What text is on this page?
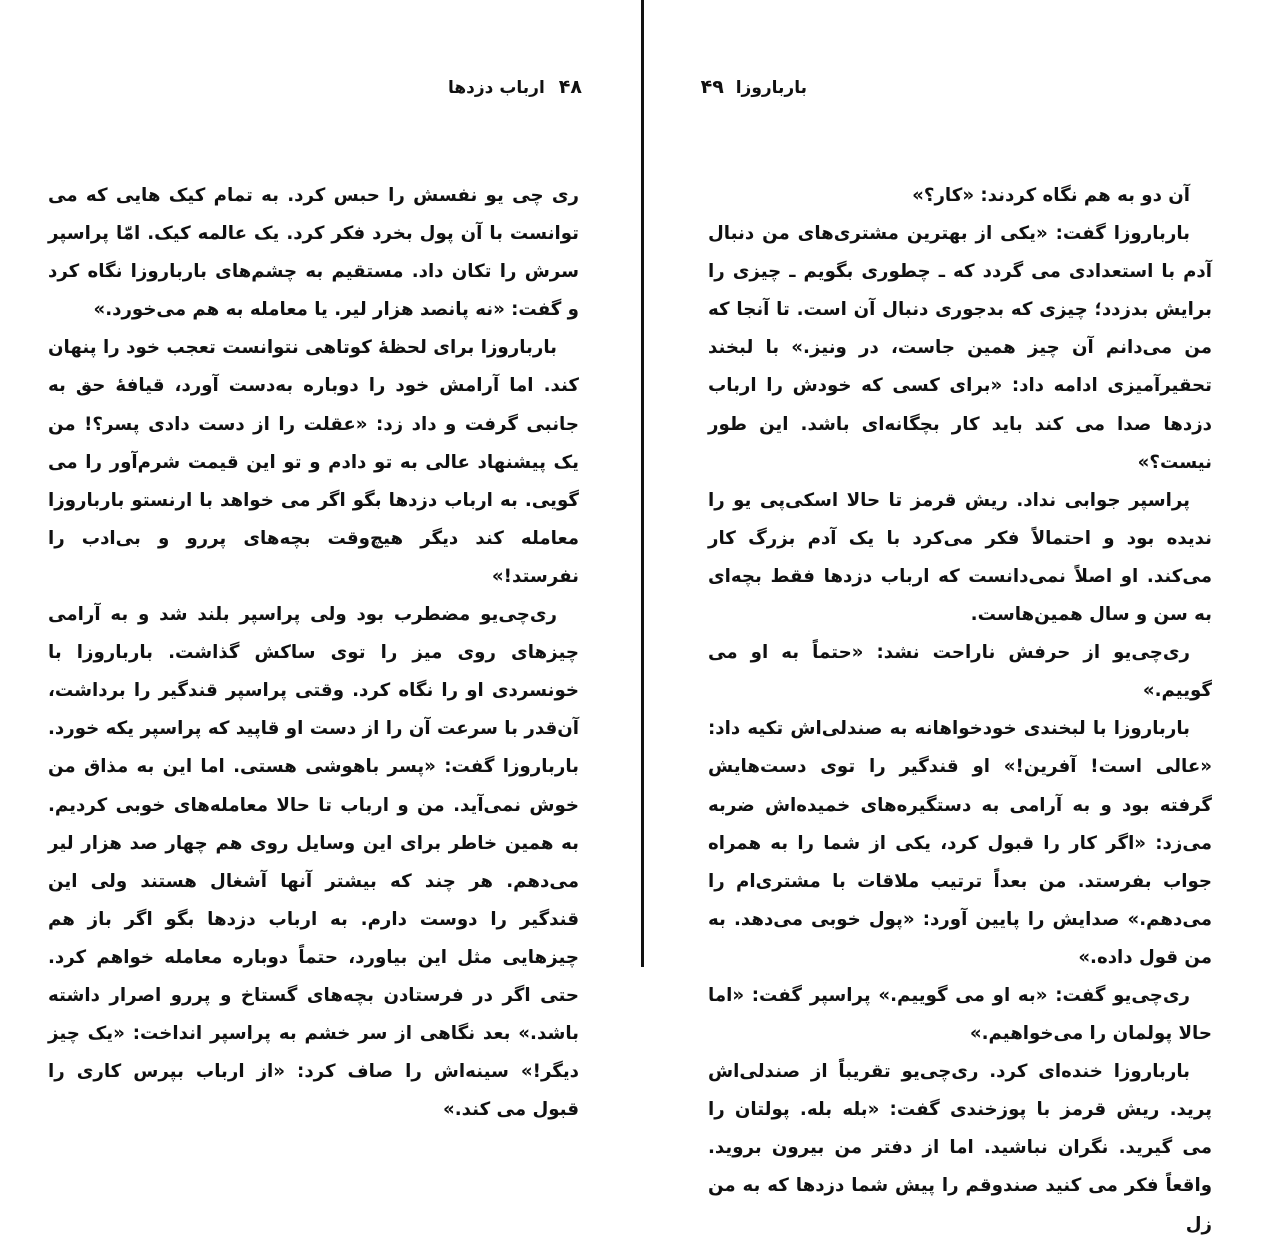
۴۸ارباب دزدها

ری چی یو نفسش را حبس کرد. به تمام کیک هایی که می توانست با آن پول بخرد فکر کرد. یک عالمه کیک. امّا پراسپر سرش را تکان داد. مستقیم به چشم‌های بارباروزا نگاه کرد و گفت: «نه پانصد هزار لیر. یا معامله به هم می‌خورد.»

بارباروزا برای لحظهٔ کوتاهی نتوانست تعجب خود را پنهان کند. اما آرامش خود را دوباره به‌دست آورد، قیافهٔ حق به جانبی گرفت و داد زد: «عقلت را از دست دادی پسر؟! من یک پیشنهاد عالی به تو دادم و تو این قیمت شرم‌آور را می گویی. به ارباب دزدها بگو اگر می خواهد با ارنستو بارباروزا معامله کند دیگر هیچ‌وقت بچه‌های پررو و بی‌ادب را نفرستد!»

ری‌چی‌یو مضطرب بود ولی پراسپر بلند شد و به آرامی چیزهای روی میز را توی ساکش گذاشت. بارباروزا با خونسردی او را نگاه کرد. وقتی پراسپر قندگیر را برداشت، آن‌قدر با سرعت آن را از دست او قاپید که پراسپر یکه خورد. بارباروزا گفت: «پسر باهوشی هستی. اما این به مذاق من خوش نمی‌آید. من و ارباب تا حالا معامله‌های خوبی کردیم. به همین خاطر برای این وسایل روی هم چهار صد هزار لیر می‌دهم. هر چند که بیشتر آنها آشغال هستند ولی این قندگیر را دوست دارم. به ارباب دزدها بگو اگر باز هم چیزهایی مثل این بیاورد، حتماً دوباره معامله خواهم کرد. حتی اگر در فرستادن بچه‌های گستاخ و پررو اصرار داشته باشد.» بعد نگاهی از سر خشم به پراسپر انداخت: «یک چیز دیگر!» سینه‌اش را صاف کرد: «از ارباب بپرس کاری را قبول می کند.»

بارباروزا  ۴۹

آن دو به هم نگاه کردند: «کار؟»

بارباروزا گفت: «یکی از بهترین مشتری‌های من دنبال آدم با استعدادی می گردد که ـ چطوری بگویم ـ چیزی را برایش بدزدد؛ چیزی که بدجوری دنبال آن است. تا آنجا که من می‌دانم آن چیز همین جاست، در ونیز.» با لبخند تحقیرآمیزی ادامه داد: «برای کسی که خودش را ارباب دزدها صدا می کند باید کار بچگانه‌ای باشد. این طور نیست؟»

پراسپر جوابی نداد. ریش قرمز تا حالا اسکی‌پی یو را ندیده بود و احتمالاً فکر می‌کرد با یک آدم بزرگ کار می‌کند. او اصلاً نمی‌دانست که ارباب دزدها فقط بچه‌ای به سن و سال همین‌هاست.

ری‌چی‌یو از حرفش ناراحت نشد: «حتماً به او می گوییم.»

بارباروزا با لبخندی خودخواهانه به صندلی‌اش تکیه داد: «عالی است! آفرین!» او قندگیر را توی دست‌هایش گرفته بود و به آرامی به دستگیره‌های خمیده‌اش ضربه می‌زد: «اگر کار را قبول کرد، یکی از شما را به همراه جواب بفرستد. من بعداً ترتیب ملاقات با مشتری‌ام را می‌دهم.» صدایش را پایین آورد: «پول خوبی می‌دهد. به من قول داده.»

ری‌چی‌یو گفت: «به او می گوییم.» پراسپر گفت: «اما حالا پولمان را می‌خواهیم.»

بارباروزا خنده‌ای کرد. ری‌چی‌یو تقریباً از صندلی‌اش پرید. ریش قرمز با پوزخندی گفت: «بله بله. پولتان را می گیرید. نگران نباشید. اما از دفتر من بیرون بروید. واقعاً فکر می کنید صندوقم را پیش شما دزدها که به من زل
